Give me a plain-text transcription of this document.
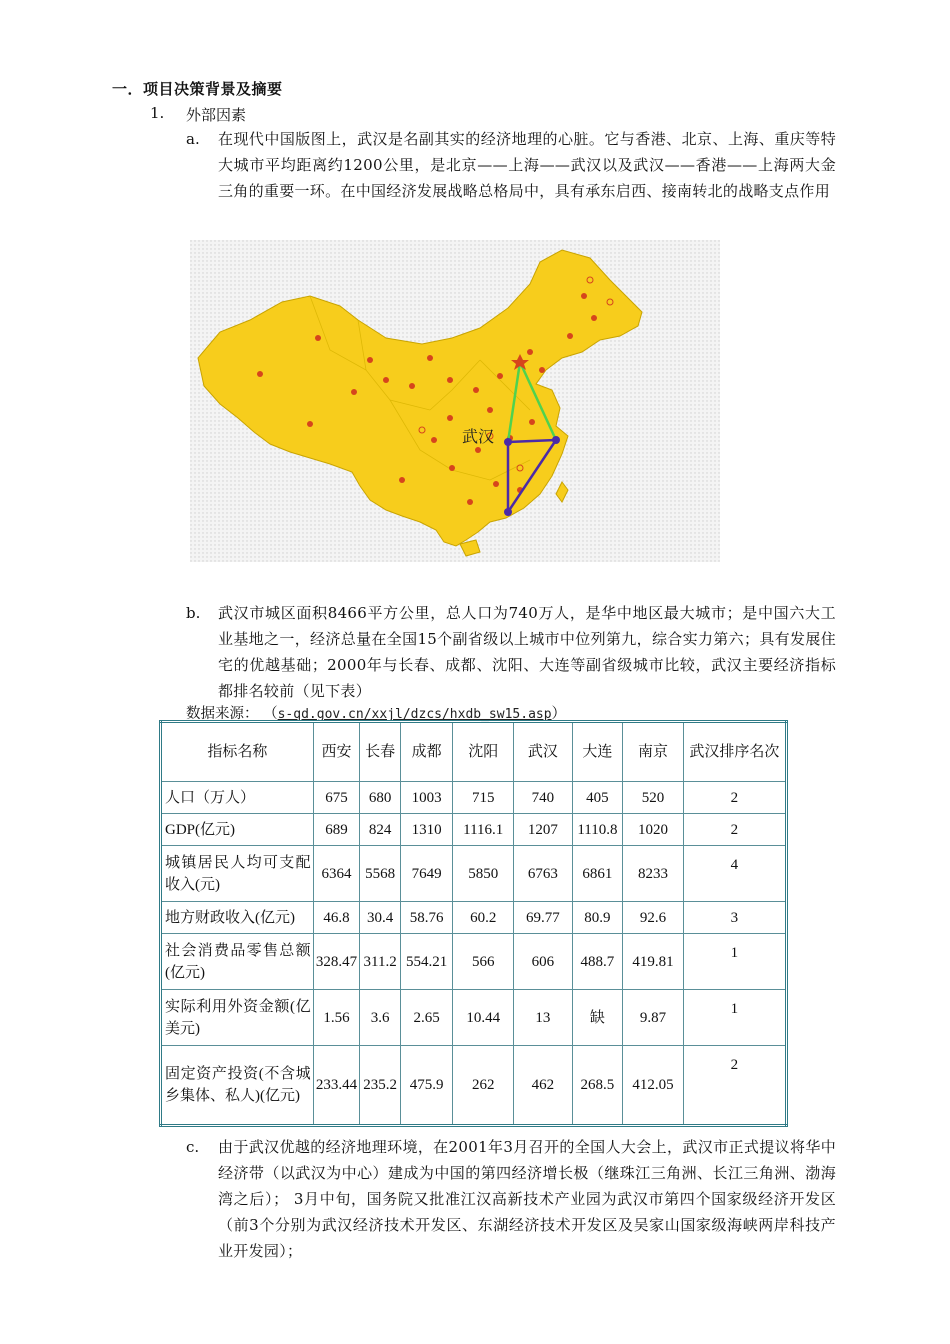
一．项目决策背景及摘要
1. 外部因素
a. 在现代中国版图上，武汉是名副其实的经济地理的心脏。它与香港、北京、上海、重庆等特大城市平均距离约1200公里，是北京——上海——武汉以及武汉——香港——上海两大金三角的重要一环。在中国经济发展战略总格局中，具有承东启西、接南转北的战略支点作用
武汉
b. 武汉市城区面积8466平方公里，总人口为740万人，是华中地区最大城市；是中国六大工业基地之一，经济总量在全国15个副省级以上城市中位列第九，综合实力第六；具有发展住宅的优越基础；2000年与长春、成都、沈阳、大连等副省级城市比较，武汉主要经济指标都排名较前（见下表）
数据来源： （s-qd.gov.cn/xxjl/dzcs/hxdb_sw15.asp）
指标名称	西安	长春	成都	沈阳	武汉	大连	南京	武汉排序名次
人口（万人）	675	680	1003	715	740	405	520	2
GDP(亿元)	689	824	1310	1116.1	1207	1110.8	1020	2
城镇居民人均可支配收入(元)	6364	5568	7649	5850	6763	6861	8233	4
地方财政收入(亿元)	46.8	30.4	58.76	60.2	69.77	80.9	92.6	3
社会消费品零售总额(亿元)	328.47	311.2	554.21	566	606	488.7	419.81	1
实际利用外资金额(亿美元)	1.56	3.6	2.65	10.44	13	缺	9.87	1
固定资产投资(不含城乡集体、私人)(亿元)	233.44	235.2	475.9	262	462	268.5	412.05	2
c. 由于武汉优越的经济地理环境，在2001年3月召开的全国人大会上，武汉市正式提议将华中经济带（以武汉为中心）建成为中国的第四经济增长极（继珠江三角洲、长江三角洲、渤海湾之后）； 3月中旬，国务院又批准江汉高新技术产业园为武汉市第四个国家级经济开发区（前3个分别为武汉经济技术开发区、东湖经济技术开发区及吴家山国家级海峡两岸科技产业开发园）；
